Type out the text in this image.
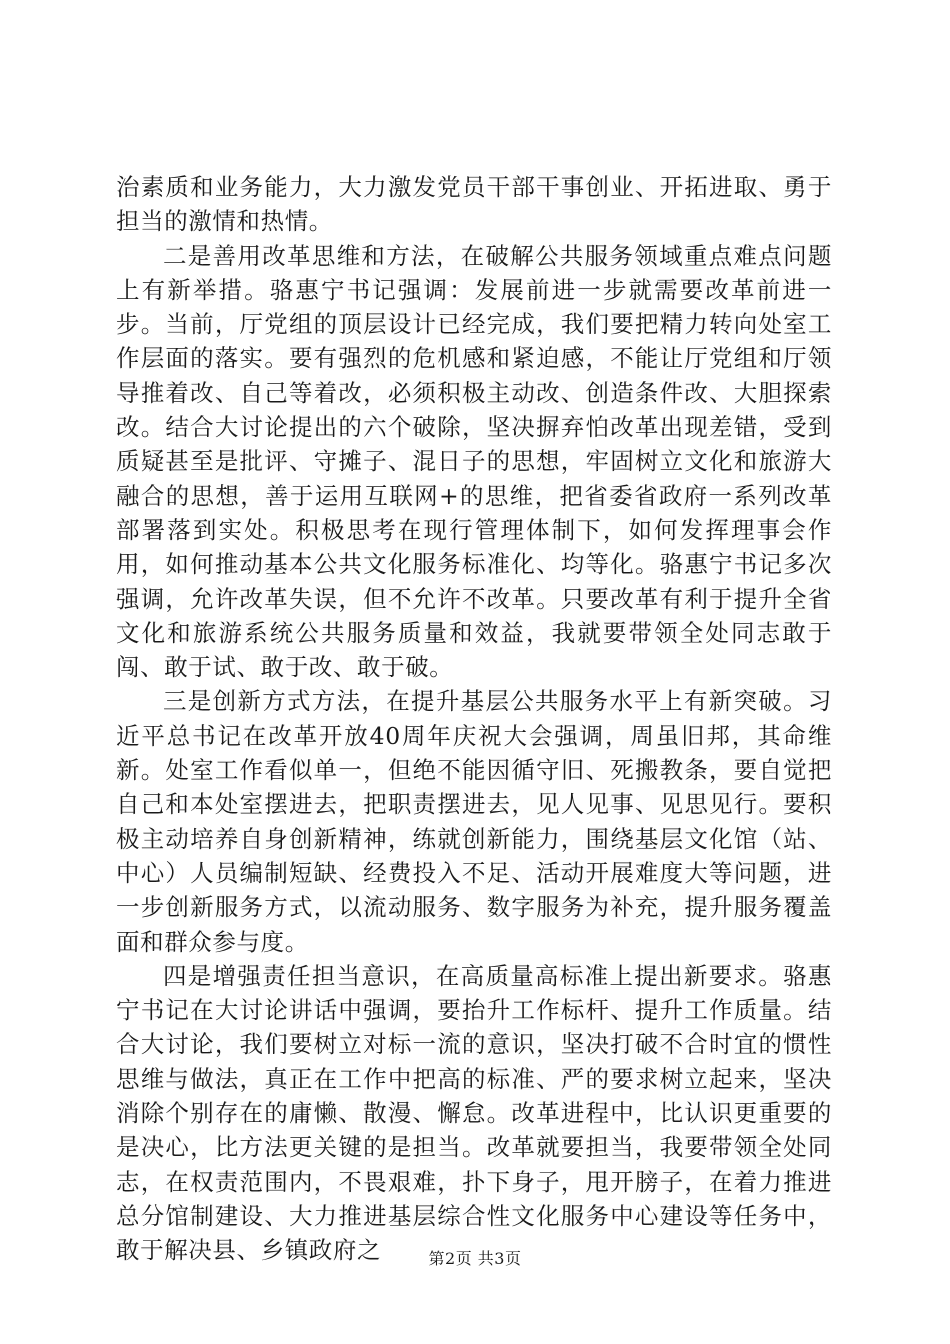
治素质和业务能力，大力激发党员干部干事创业、开拓进取、勇于担当的激情和热情。

二是善用改革思维和方法，在破解公共服务领域重点难点问题上有新举措。骆惠宁书记强调：发展前进一步就需要改革前进一步。当前，厅党组的顶层设计已经完成，我们要把精力转向处室工作层面的落实。要有强烈的危机感和紧迫感，不能让厅党组和厅领导推着改、自己等着改，必须积极主动改、创造条件改、大胆探索改。结合大讨论提出的六个破除，坚决摒弃怕改革出现差错，受到质疑甚至是批评、守摊子、混日子的思想，牢固树立文化和旅游大融合的思想，善于运用互联网+的思维，把省委省政府一系列改革部署落到实处。积极思考在现行管理体制下，如何发挥理事会作用，如何推动基本公共文化服务标准化、均等化。骆惠宁书记多次强调，允许改革失误，但不允许不改革。只要改革有利于提升全省文化和旅游系统公共服务质量和效益，我就要带领全处同志敢于闯、敢于试、敢于改、敢于破。

三是创新方式方法，在提升基层公共服务水平上有新突破。习近平总书记在改革开放40周年庆祝大会强调，周虽旧邦，其命维新。处室工作看似单一，但绝不能因循守旧、死搬教条，要自觉把自己和本处室摆进去，把职责摆进去，见人见事、见思见行。要积极主动培养自身创新精神，练就创新能力，围绕基层文化馆（站、中心）人员编制短缺、经费投入不足、活动开展难度大等问题，进一步创新服务方式，以流动服务、数字服务为补充，提升服务覆盖面和群众参与度。

四是增强责任担当意识，在高质量高标准上提出新要求。骆惠宁书记在大讨论讲话中强调，要抬升工作标杆、提升工作质量。结合大讨论，我们要树立对标一流的意识，坚决打破不合时宜的惯性思维与做法，真正在工作中把高的标准、严的要求树立起来，坚决消除个别存在的庸懒、散漫、懈怠。改革进程中，比认识更重要的是决心，比方法更关键的是担当。改革就要担当，我要带领全处同志，在权责范围内，不畏艰难，扑下身子，甩开膀子，在着力推进总分馆制建设、大力推进基层综合性文化服务中心建设等任务中，敢于解决县、乡镇政府之	第2页 共3页
